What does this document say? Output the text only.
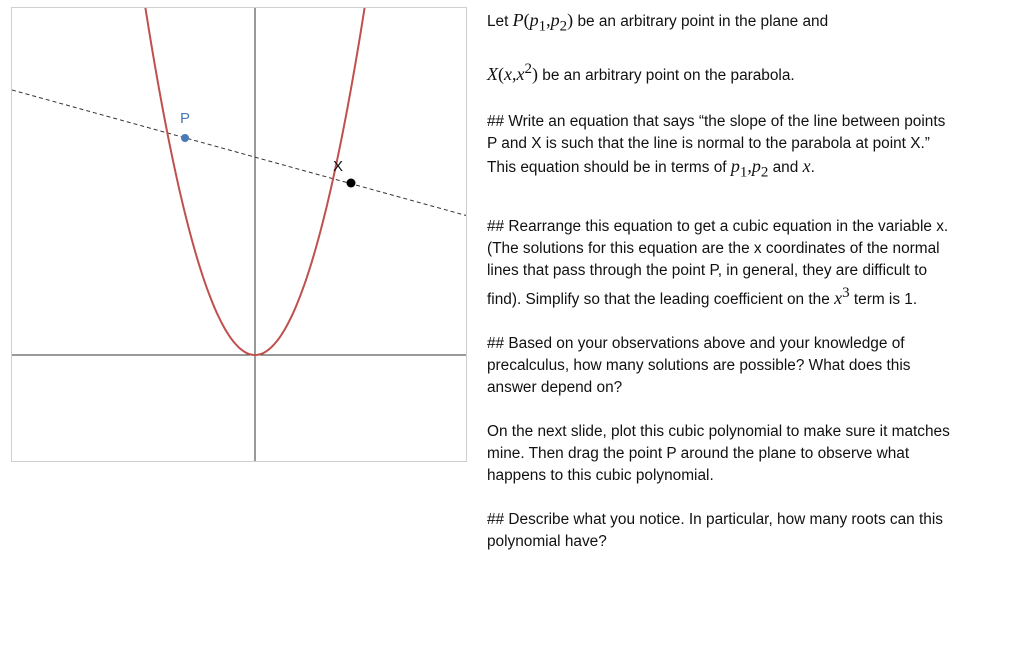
P
X

Let $P(p_1,p_2)$ be an arbitrary point in the plane and

$X(x,x^2)$ be an arbitrary point on the parabola.

## Write an equation that says “the slope of the line between points P and X is such that the line is normal to the parabola at point X.” This equation should be in terms of $p_1,p_2$ and x.

## Rearrange this equation to get a cubic equation in the variable x. (The solutions for this equation are the x coordinates of the normal lines that pass through the point P, in general, they are difficult to find). Simplify so that the leading coefficient on the $x^3$ term is 1.

## Based on your observations above and your knowledge of precalculus, how many solutions are possible? What does this answer depend on?

On the next slide, plot this cubic polynomial to make sure it matches mine. Then drag the point P around the plane to observe what happens to this cubic polynomial.

## Describe what you notice. In particular, how many roots can this polynomial have?
